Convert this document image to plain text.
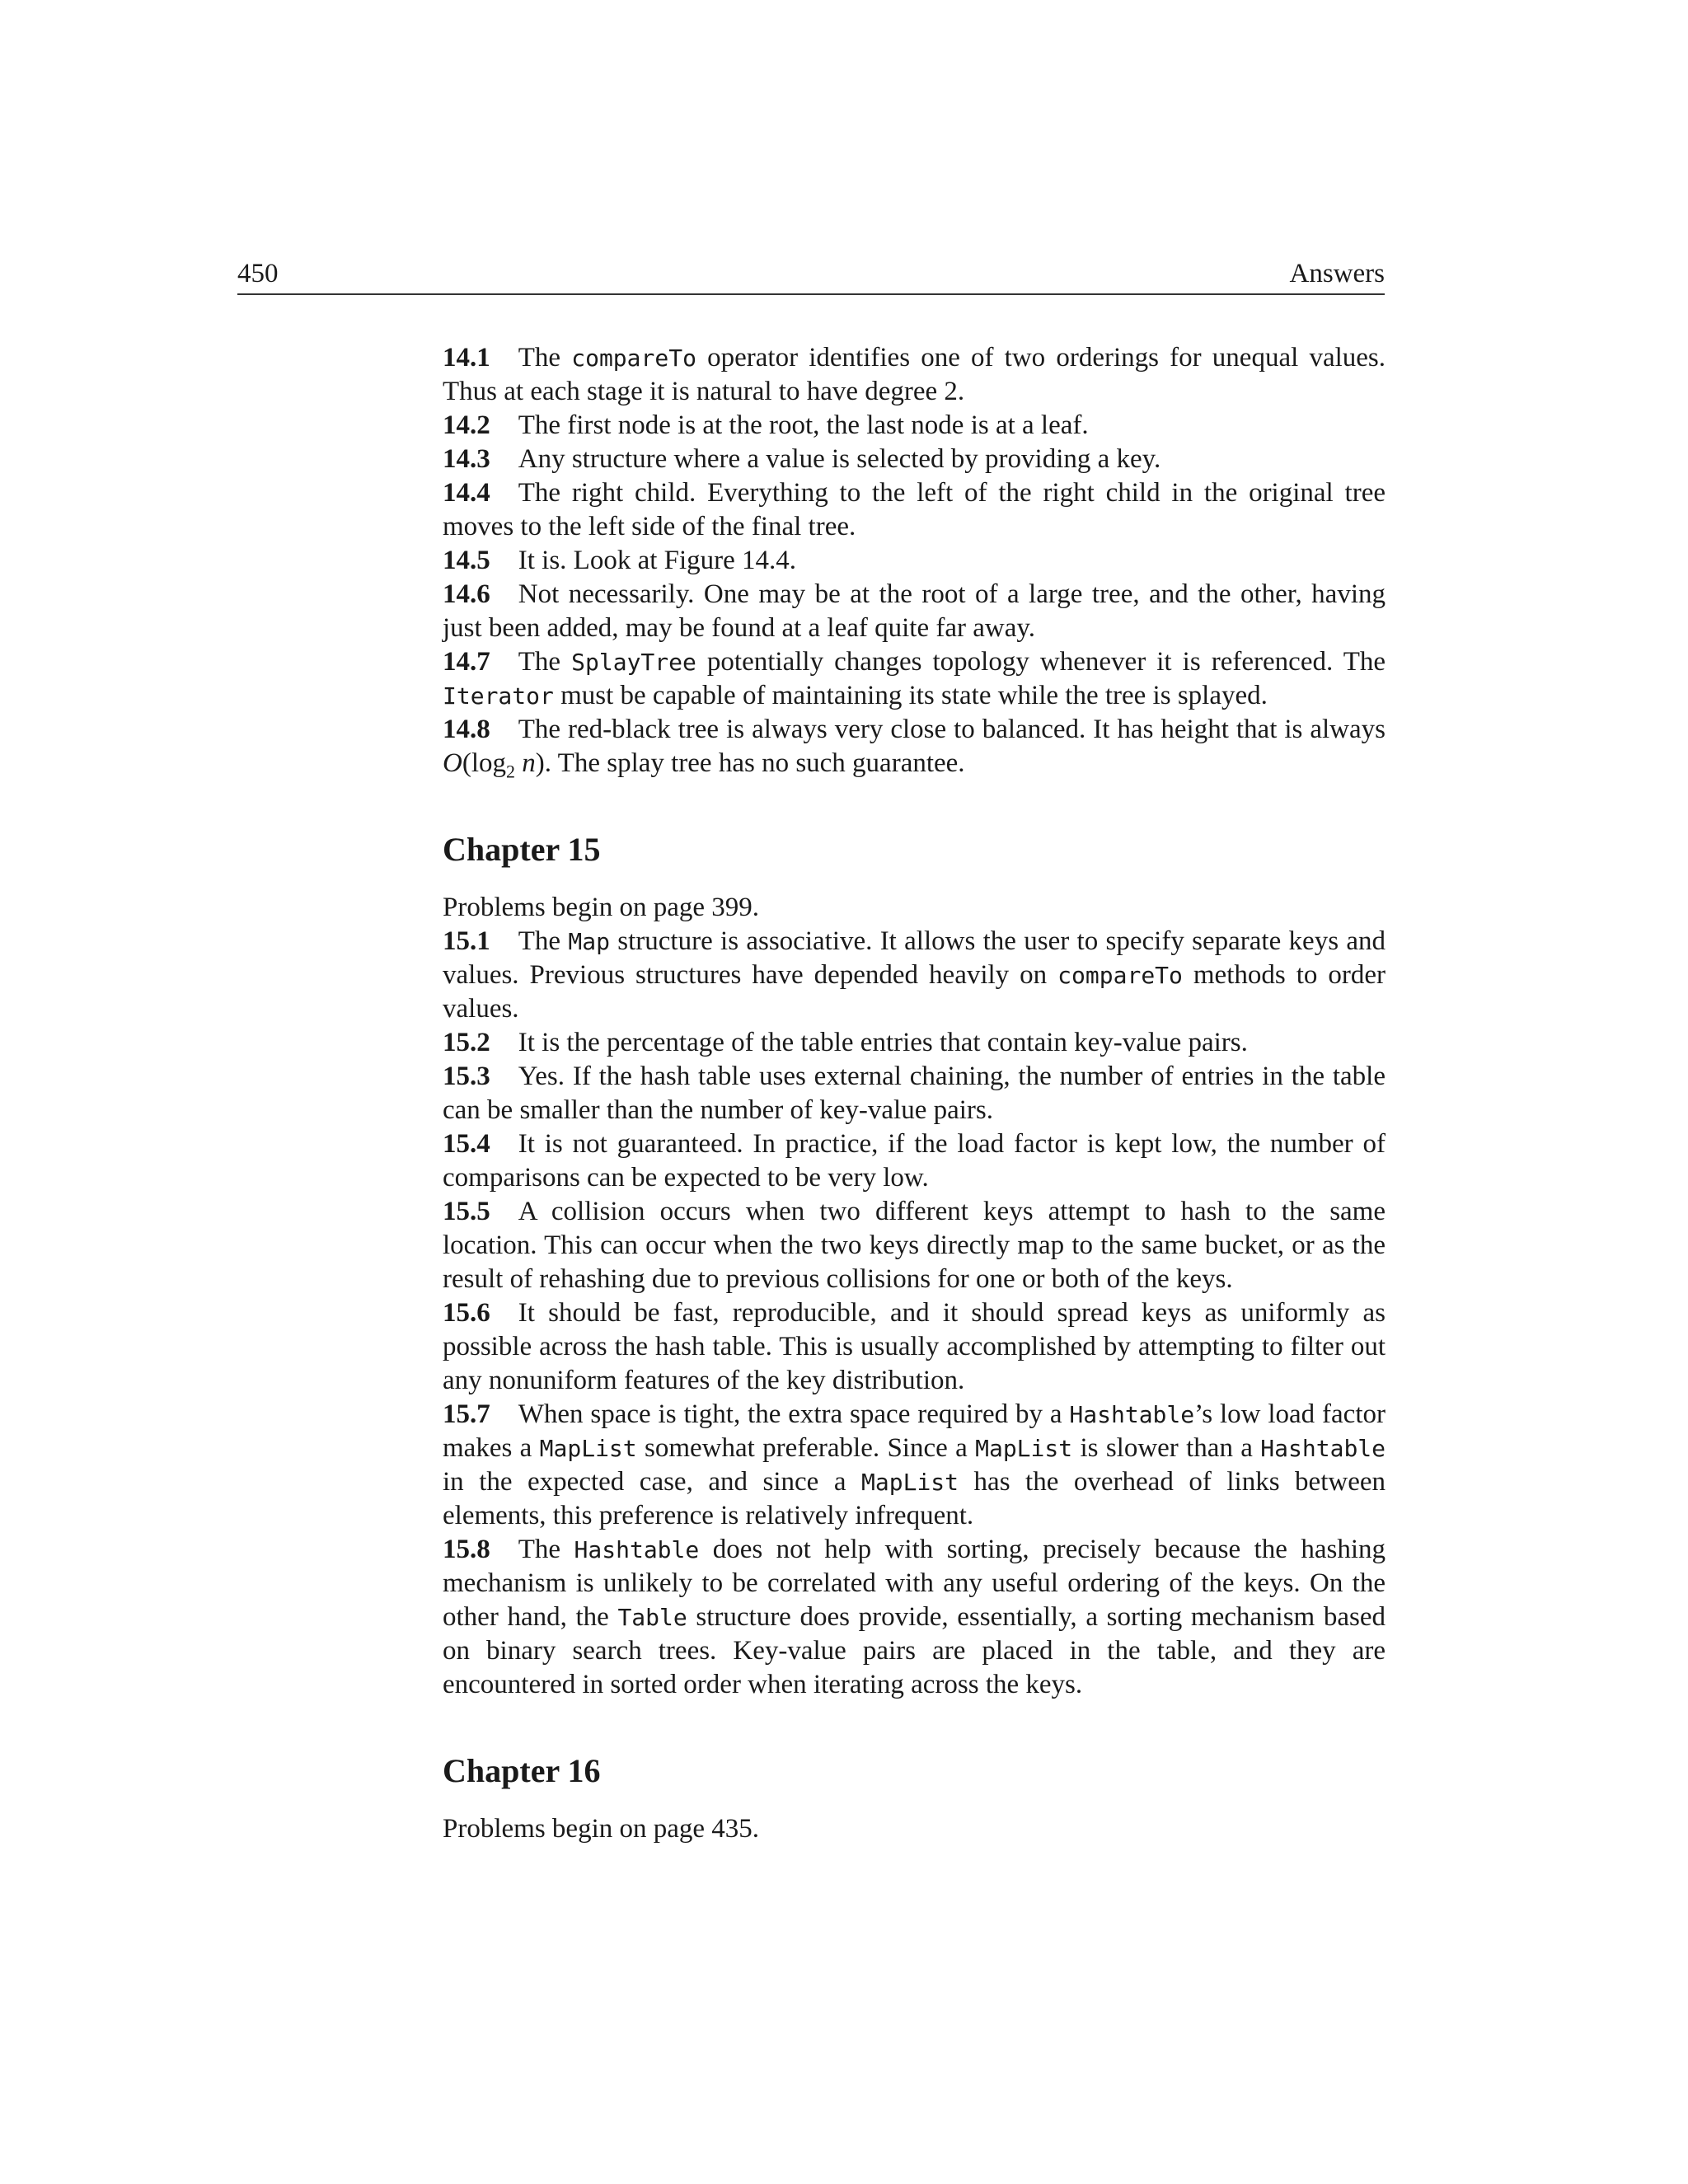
450	Answers

14.1 The compareTo operator identifies one of two orderings for unequal values. Thus at each stage it is natural to have degree 2.

14.2 The first node is at the root, the last node is at a leaf.

14.3 Any structure where a value is selected by providing a key.

14.4 The right child. Everything to the left of the right child in the original tree moves to the left side of the final tree.

14.5 It is. Look at Figure 14.4.

14.6 Not necessarily. One may be at the root of a large tree, and the other, having just been added, may be found at a leaf quite far away.

14.7 The SplayTree potentially changes topology whenever it is referenced. The Iterator must be capable of maintaining its state while the tree is splayed.

14.8 The red-black tree is always very close to balanced. It has height that is always $O(\log_2$ n). The splay tree has no such guarantee.

Chapter 15

Problems begin on page 399.

15.1 The Map structure is associative. It allows the user to specify separate keys and values. Previous structures have depended heavily on compareTo methods to order values.

15.2 It is the percentage of the table entries that contain key-value pairs.

15.3 Yes. If the hash table uses external chaining, the number of entries in the table can be smaller than the number of key-value pairs.

15.4 It is not guaranteed. In practice, if the load factor is kept low, the number of comparisons can be expected to be very low.

15.5 A collision occurs when two different keys attempt to hash to the same location. This can occur when the two keys directly map to the same bucket, or as the result of rehashing due to previous collisions for one or both of the keys.

15.6 It should be fast, reproducible, and it should spread keys as uniformly as possible across the hash table. This is usually accomplished by attempting to filter out any nonuniform features of the key distribution.

15.7 When space is tight, the extra space required by a Hashtable’s low load factor makes a MapList somewhat preferable. Since a MapList is slower than a Hashtable in the expected case, and since a MapList has the overhead of links between elements, this preference is relatively infrequent.

15.8 The Hashtable does not help with sorting, precisely because the hashing mechanism is unlikely to be correlated with any useful ordering of the keys. On the other hand, the Table structure does provide, essentially, a sorting mechanism based on binary search trees. Key-value pairs are placed in the table, and they are encountered in sorted order when iterating across the keys.

Chapter 16

Problems begin on page 435.
